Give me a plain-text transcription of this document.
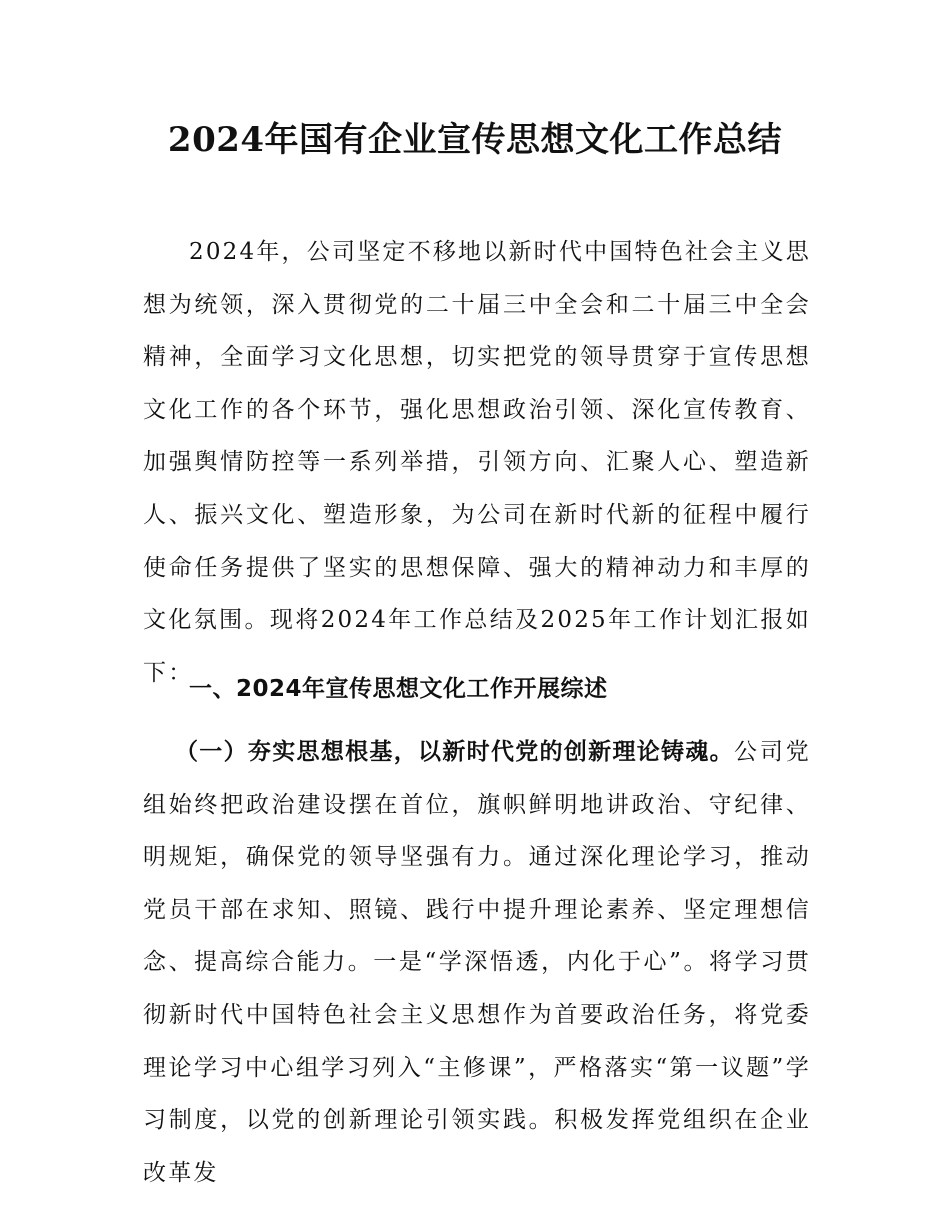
2024年国有企业宣传思想文化工作总结

2024年，公司坚定不移地以新时代中国特色社会主义思想为统领，深入贯彻党的二十届三中全会和二十届三中全会精神，全面学习文化思想，切实把党的领导贯穿于宣传思想文化工作的各个环节，强化思想政治引领、深化宣传教育、加强舆情防控等一系列举措，引领方向、汇聚人心、塑造新人、振兴文化、塑造形象，为公司在新时代新的征程中履行使命任务提供了坚实的思想保障、强大的精神动力和丰厚的文化氛围。现将2024年工作总结及2025年工作计划汇报如下：

一、2024年宣传思想文化工作开展综述

（一）夯实思想根基，以新时代党的创新理论铸魂。公司党组始终把政治建设摆在首位，旗帜鲜明地讲政治、守纪律、明规矩，确保党的领导坚强有力。通过深化理论学习，推动党员干部在求知、照镜、践行中提升理论素养、坚定理想信念、提高综合能力。一是“学深悟透，内化于心”。将学习贯彻新时代中国特色社会主义思想作为首要政治任务，将党委理论学习中心组学习列入“主修课”，严格落实“第一议题”学习制度，以党的创新理论引领实践。积极发挥党组织在企业改革发
